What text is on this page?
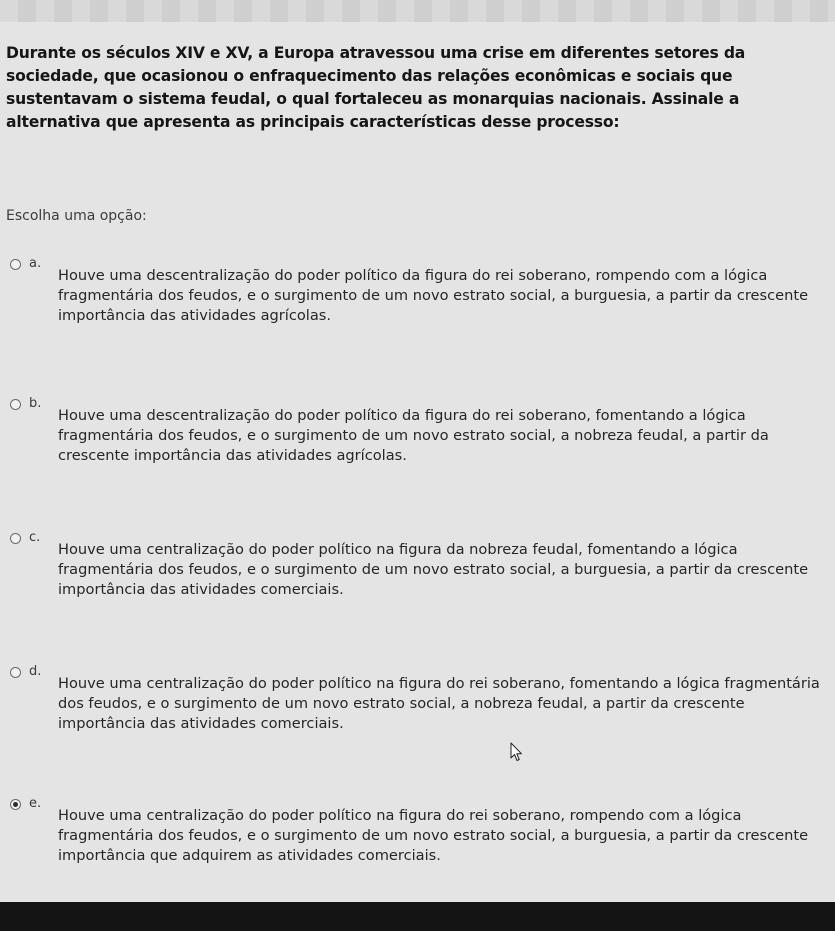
Durante os séculos XIV e XV, a Europa atravessou uma crise em diferentes setores da sociedade, que ocasionou o enfraquecimento das relações econômicas e sociais que sustentavam o sistema feudal, o qual fortaleceu as monarquias nacionais. Assinale a alternativa que apresenta as principais características desse processo:
Escolha uma opção:
a.
Houve uma descentralização do poder político da figura do rei soberano, rompendo com a lógica fragmentária dos feudos, e o surgimento de um novo estrato social, a burguesia, a partir da crescente importância das atividades agrícolas.
b.
Houve uma descentralização do poder político da figura do rei soberano, fomentando a lógica fragmentária dos feudos, e o surgimento de um novo estrato social, a nobreza feudal, a partir da crescente importância das atividades agrícolas.
c.
Houve uma centralização do poder político na figura da nobreza feudal, fomentando a lógica fragmentária dos feudos, e o surgimento de um novo estrato social, a burguesia, a partir da crescente importância das atividades comerciais.
d.
Houve uma centralização do poder político na figura do rei soberano, fomentando a lógica fragmentária dos feudos, e o surgimento de um novo estrato social, a nobreza feudal, a partir da crescente importância das atividades comerciais.
e.
Houve uma centralização do poder político na figura do rei soberano, rompendo com a lógica fragmentária dos feudos, e o surgimento de um novo estrato social, a burguesia, a partir da crescente importância que adquirem as atividades comerciais.
